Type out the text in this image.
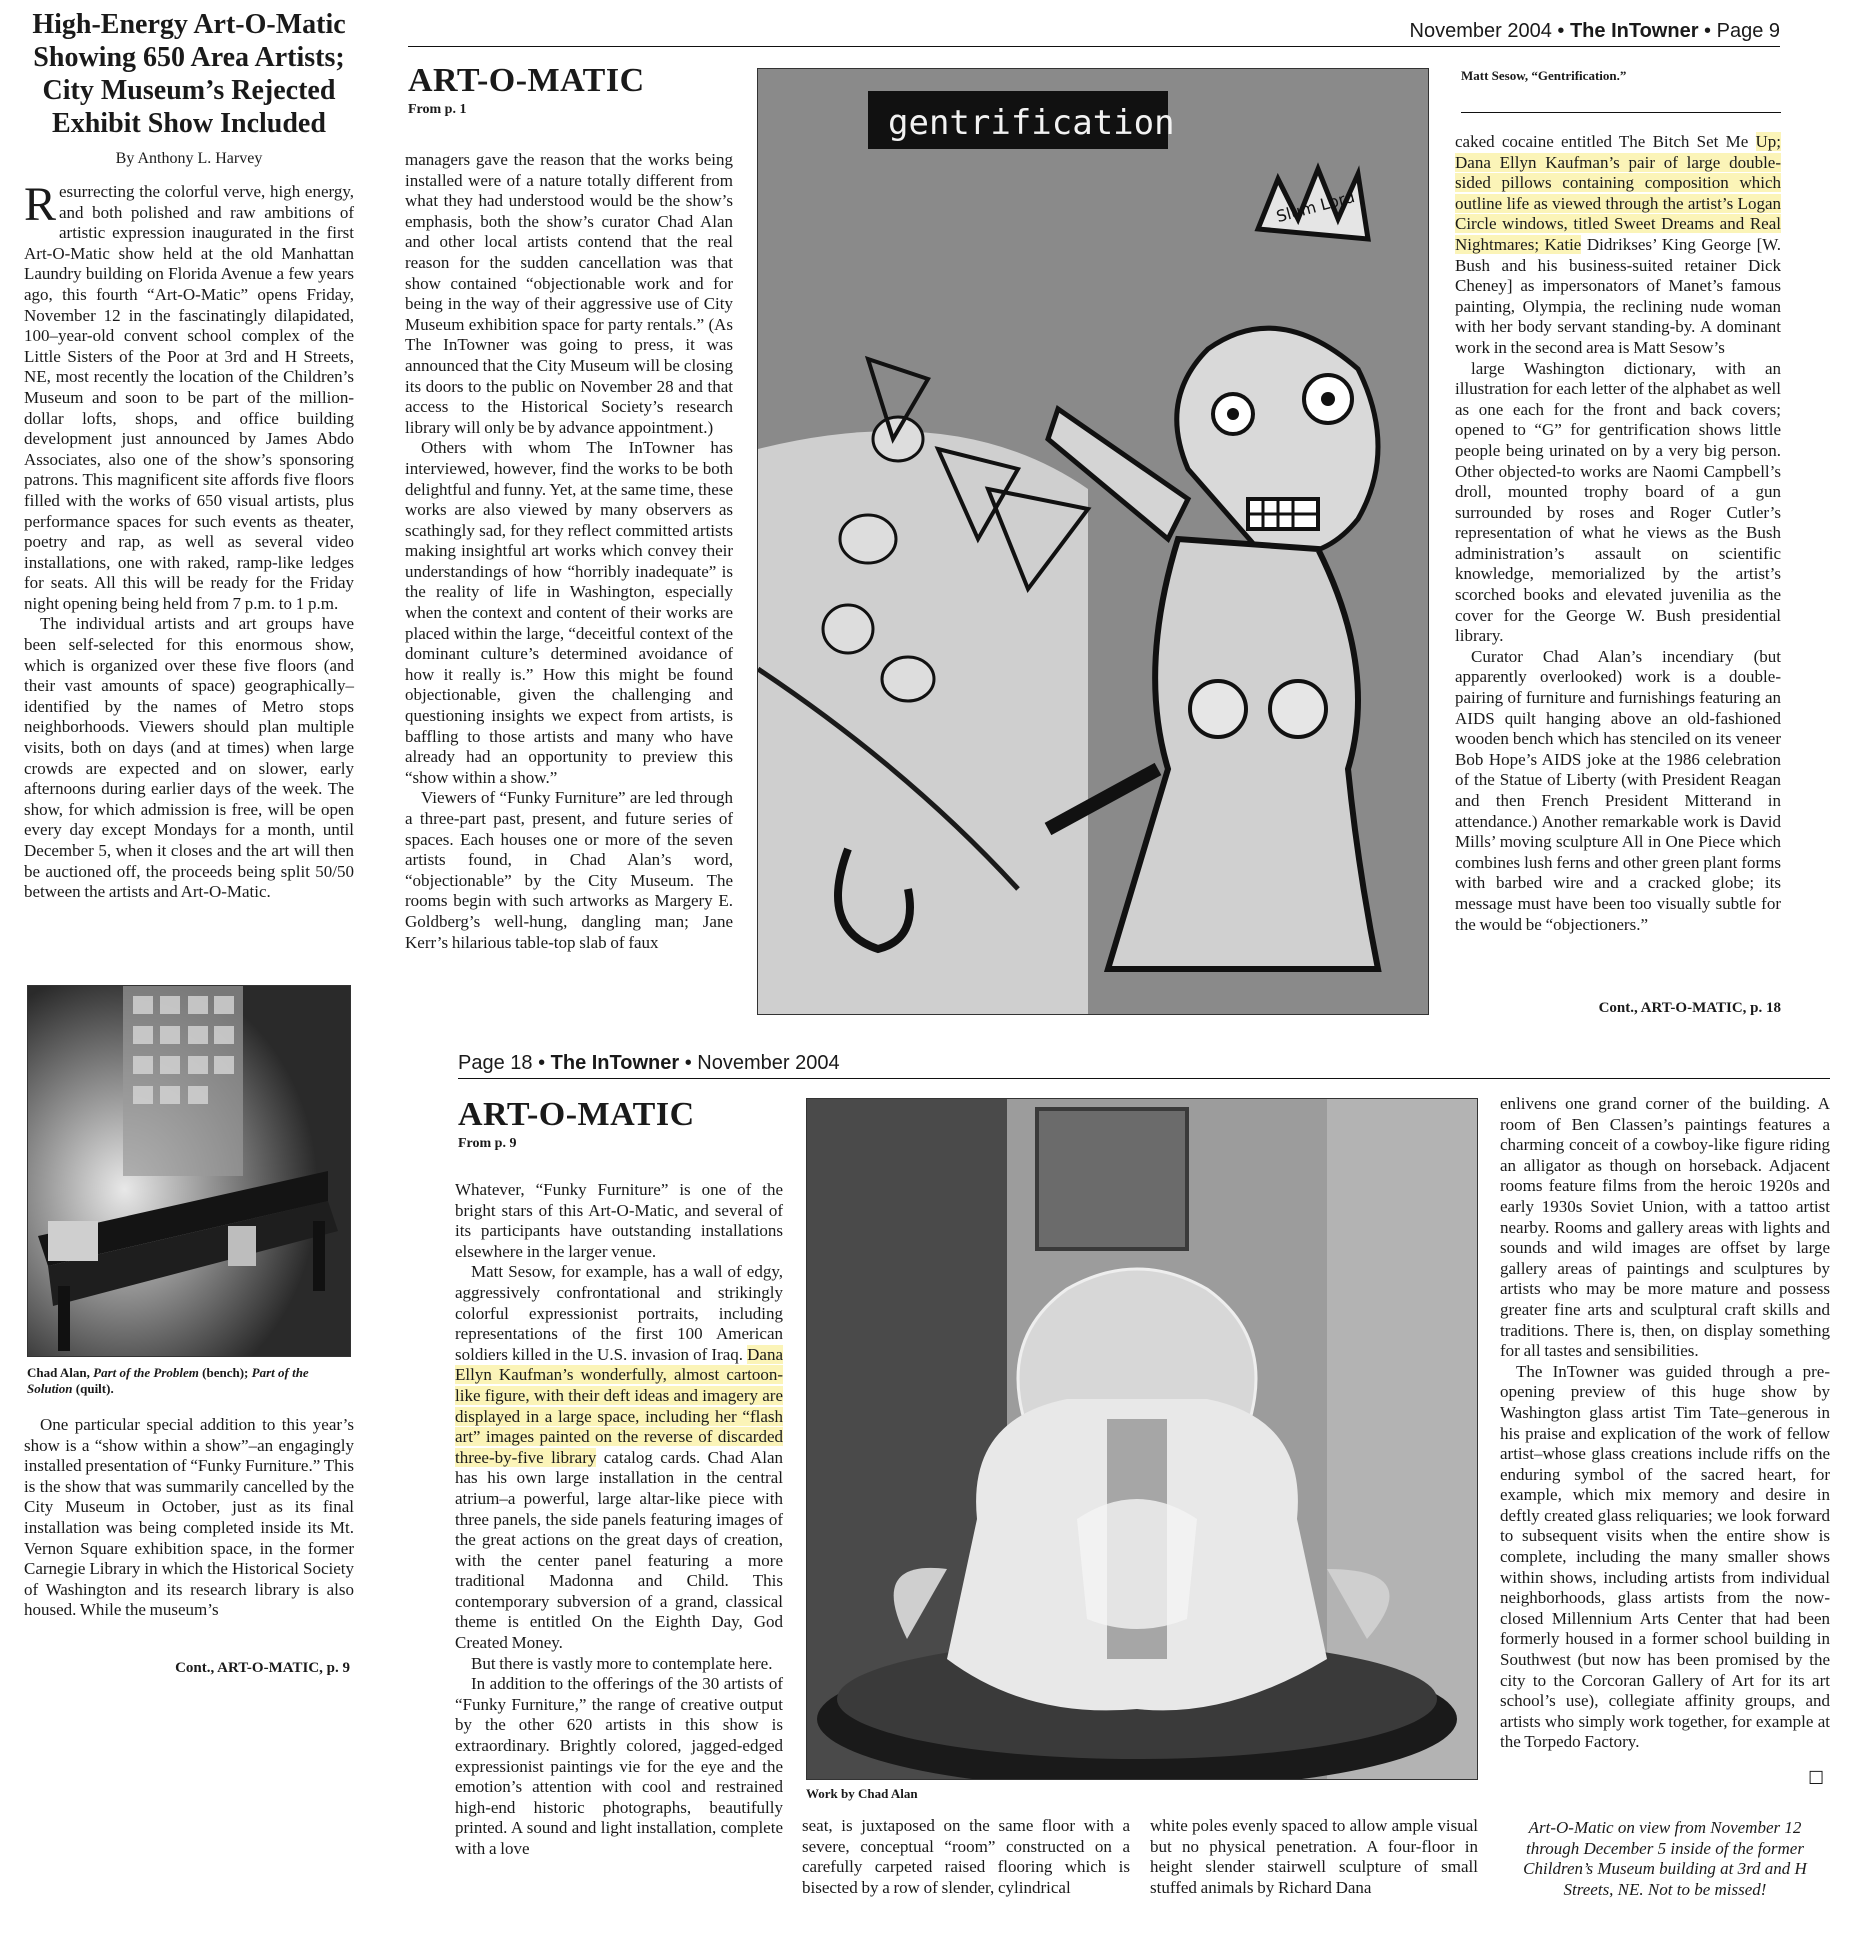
High-Energy Art-O-Matic Showing 650 Area Artists; City Museum’s Rejected Exhibit Show Included
By Anthony L. Harvey

Resurrecting the colorful verve, high energy, and both polished and raw ambitions of artistic expression inaugurated in the first Art-O-Matic show held at the old Manhattan Laundry building on Florida Avenue a few years ago, this fourth “Art-O-Matic” opens Friday, November 12 in the fascinatingly dilapidated, 100–year-old convent school complex of the Little Sisters of the Poor at 3rd and H Streets, NE, most recently the location of the Children’s Museum and soon to be part of the million-dollar lofts, shops, and office building development just announced by James Abdo Associates, also one of the show’s sponsoring patrons. This magnificent site affords five floors filled with the works of 650 visual artists, plus performance spaces for such events as theater, poetry and rap, as well as several video installations, one with raked, ramp-like ledges for seats. All this will be ready for the Friday night opening being held from 7 p.m. to 1 p.m.

The individual artists and art groups have been self-selected for this enormous show, which is organized over these five floors (and their vast amounts of space) geographically–identified by the names of Metro stops neighborhoods. Viewers should plan multiple visits, both on days (and at times) when large crowds are expected and on slower, early afternoons during earlier days of the week. The show, for which admission is free, will be open every day except Mondays for a month, until December 5, when it closes and the art will then be auctioned off, the proceeds being split 50/50 between the artists and Art-O-Matic.

Chad Alan, Part of the Problem (bench); Part of the Solution (quilt).

One particular special addition to this year’s show is a “show within a show”–an engagingly installed presentation of “Funky Furniture.” This is the show that was summarily cancelled by the City Museum in October, just as its final installation was being completed inside its Mt. Vernon Square exhibition space, in the former Carnegie Library in which the Historical Society of Washington and its research library is also housed. While the museum’s

Cont., ART-O-MATIC, p. 9
November 2004 • The InTowner • Page 9
ART-O-MATIC
From p. 1

managers gave the reason that the works being installed were of a nature totally different from what they had understood would be the show’s emphasis, both the show’s curator Chad Alan and other local artists contend that the real reason for the sudden cancellation was that show contained “objectionable work and for being in the way of their aggressive use of City Museum exhibition space for party rentals.” (As The InTowner was going to press, it was announced that the City Museum will be closing its doors to the public on November 28 and that access to the Historical Society’s research library will only be by advance appointment.)

Others with whom The InTowner has interviewed, however, find the works to be both delightful and funny. Yet, at the same time, these works are also viewed by many observers as scathingly sad, for they reflect committed artists making insightful art works which convey their understandings of how “horribly inadequate” is the reality of life in Washington, especially when the context and content of their works are placed within the large, “deceitful context of the dominant culture’s determined avoidance of how it really is.” How this might be found objectionable, given the challenging and questioning insights we expect from artists, is baffling to those artists and many who have already had an opportunity to preview this “show within a show.”

Viewers of “Funky Furniture” are led through a three-part past, present, and future series of spaces. Each houses one or more of the seven artists found, in Chad Alan’s word, “objectionable” by the City Museum. The rooms begin with such artworks as Margery E. Goldberg’s well-hung, dangling man; Jane Kerr’s hilarious table-top slab of faux

gentrification
Slum Lord
Matt Sesow, “Gentrification.”

caked cocaine entitled The Bitch Set Me Up; Dana Ellyn Kaufman’s pair of large double-sided pillows containing composition which outline life as viewed through the artist’s Logan Circle windows, titled Sweet Dreams and Real Nightmares; Katie Didrikses’ King George [W. Bush and his business-suited retainer Dick Cheney] as impersonators of Manet’s famous painting, Olympia, the reclining nude woman with her body servant standing-by. A dominant work in the second area is Matt Sesow’s

large Washington dictionary, with an illustration for each letter of the alphabet as well as one each for the front and back covers; opened to “G” for gentrification shows little people being urinated on by a very big person. Other objected-to works are Naomi Campbell’s droll, mounted trophy board of a gun surrounded by roses and Roger Cutler’s representation of what he views as the Bush administration’s assault on scientific knowledge, memorialized by the artist’s scorched books and elevated juvenilia as the cover for the George W. Bush presidential library.

Curator Chad Alan’s incendiary (but apparently overlooked) work is a double-pairing of furniture and furnishings featuring an AIDS quilt hanging above an old-fashioned wooden bench which has stenciled on its veneer Bob Hope’s AIDS joke at the 1986 celebration of the Statue of Liberty (with President Reagan and then French President Mitterand in attendance.) Another remarkable work is David Mills’ moving sculpture All in One Piece which combines lush ferns and other green plant forms with barbed wire and a cracked globe; its message must have been too visually subtle for the would be “objectioners.”

Cont., ART-O-MATIC, p. 18
Page 18 • The InTowner • November 2004
ART-O-MATIC
From p. 9

Whatever, “Funky Furniture” is one of the bright stars of this Art-O-Matic, and several of its participants have outstanding installations elsewhere in the larger venue.

Matt Sesow, for example, has a wall of edgy, aggressively confrontational and strikingly colorful expressionist portraits, including representations of the first 100 American soldiers killed in the U.S. invasion of Iraq. Dana Ellyn Kaufman’s wonderfully, almost cartoon-like figure, with their deft ideas and imagery are displayed in a large space, including her “flash art” images painted on the reverse of discarded three-by-five library catalog cards. Chad Alan has his own large installation in the central atrium–a powerful, large altar-like piece with three panels, the side panels featuring images of the great actions on the great days of creation, with the center panel featuring a more traditional Madonna and Child. This contemporary subversion of a grand, classical theme is entitled On the Eighth Day, God Created Money.

But there is vastly more to contemplate here.

In addition to the offerings of the 30 artists of “Funky Furniture,” the range of creative output by the other 620 artists in this show is extraordinary. Brightly colored, jagged-edged expressionist paintings vie for the eye and the emotion’s attention with cool and restrained high-end historic photographs, beautifully printed. A sound and light installation, complete with a love

Work by Chad Alan

seat, is juxtaposed on the same floor with a severe, conceptual “room” constructed on a carefully carpeted raised flooring which is bisected by a row of slender, cylindrical

white poles evenly spaced to allow ample visual but no physical penetration. A four-floor in height slender stairwell sculpture of small stuffed animals by Richard Dana

enlivens one grand corner of the building. A room of Ben Classen’s paintings features a charming conceit of a cowboy-like figure riding an alligator as though on horseback. Adjacent rooms feature films from the heroic 1920s and early 1930s Soviet Union, with a tattoo artist nearby. Rooms and gallery areas with lights and sounds and wild images are offset by large gallery areas of paintings and sculptures by artists who may be more mature and possess greater fine arts and sculptural craft skills and traditions. There is, then, on display something for all tastes and sensibilities.

The InTowner was guided through a pre-opening preview of this huge show by Washington glass artist Tim Tate–generous in his praise and explication of the work of fellow artist–whose glass creations include riffs on the enduring symbol of the sacred heart, for example, which mix memory and desire in deftly created glass reliquaries; we look forward to subsequent visits when the entire show is complete, including the many smaller shows within shows, including artists from individual neighborhoods, glass artists from the now-closed Millennium Arts Center that had been formerly housed in a former school building in Southwest (but now has been promised by the city to the Corcoran Gallery of Art for its art school’s use), collegiate affinity groups, and artists who simply work together, for example at the Torpedo Factory.

☐
Art-O-Matic on view from November 12 through December 5 inside of the former Children’s Museum building at 3rd and H Streets, NE. Not to be missed!
